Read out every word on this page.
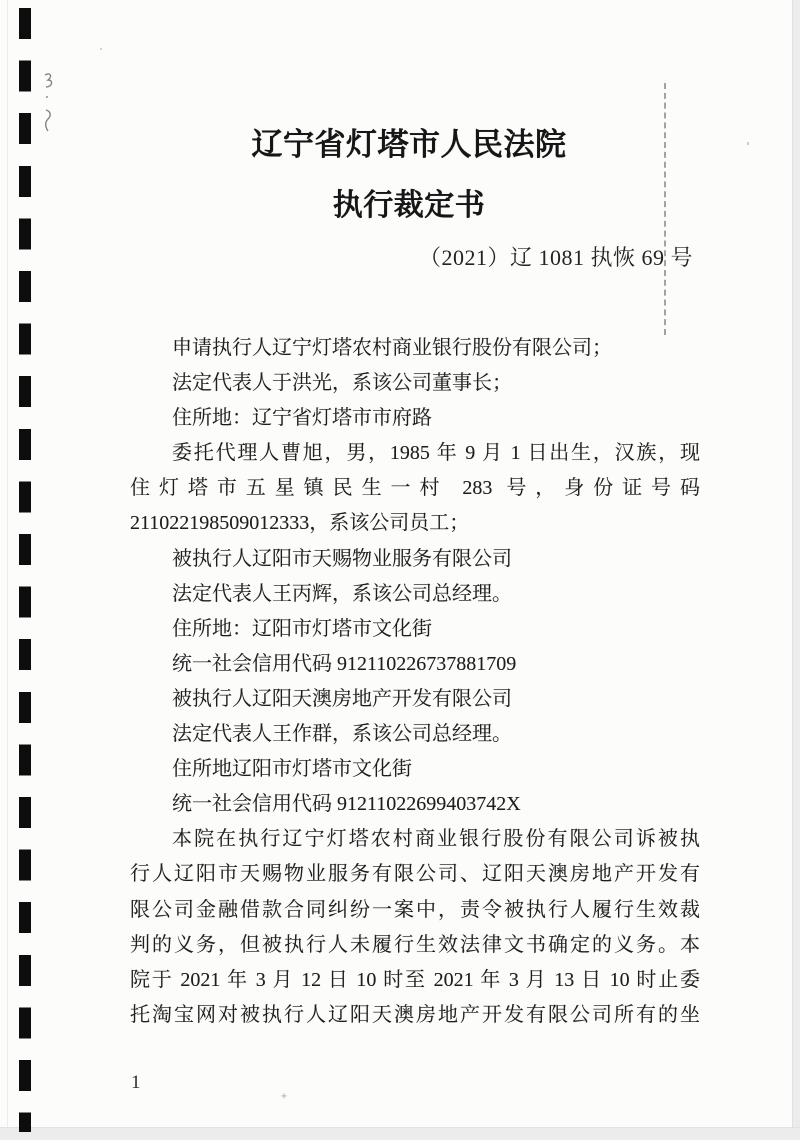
+
辽宁省灯塔市人民法院
执行裁定书
（2021）辽 1081 执恢 69 号
申请执行人辽宁灯塔农村商业银行股份有限公司；
法定代表人于洪光，系该公司董事长；
住所地：辽宁省灯塔市市府路
委托代理人曹旭，男，1985 年 9 月 1 日出生，汉族，现
住灯塔市五星镇民生一村 283 号，身份证号码
211022198509012333，系该公司员工；
被执行人辽阳市天赐物业服务有限公司
法定代表人王丙辉，系该公司总经理。
住所地：辽阳市灯塔市文化街
统一社会信用代码 912110226737881709
被执行人辽阳天澳房地产开发有限公司
法定代表人王作群，系该公司总经理。
住所地辽阳市灯塔市文化街
统一社会信用代码 91211022699403742X
本院在执行辽宁灯塔农村商业银行股份有限公司诉被执
行人辽阳市天赐物业服务有限公司、辽阳天澳房地产开发有
限公司金融借款合同纠纷一案中，责令被执行人履行生效裁
判的义务，但被执行人未履行生效法律文书确定的义务。本
院于 2021 年 3 月 12 日 10 时至 2021 年 3 月 13 日 10 时止委
托淘宝网对被执行人辽阳天澳房地产开发有限公司所有的坐
1
